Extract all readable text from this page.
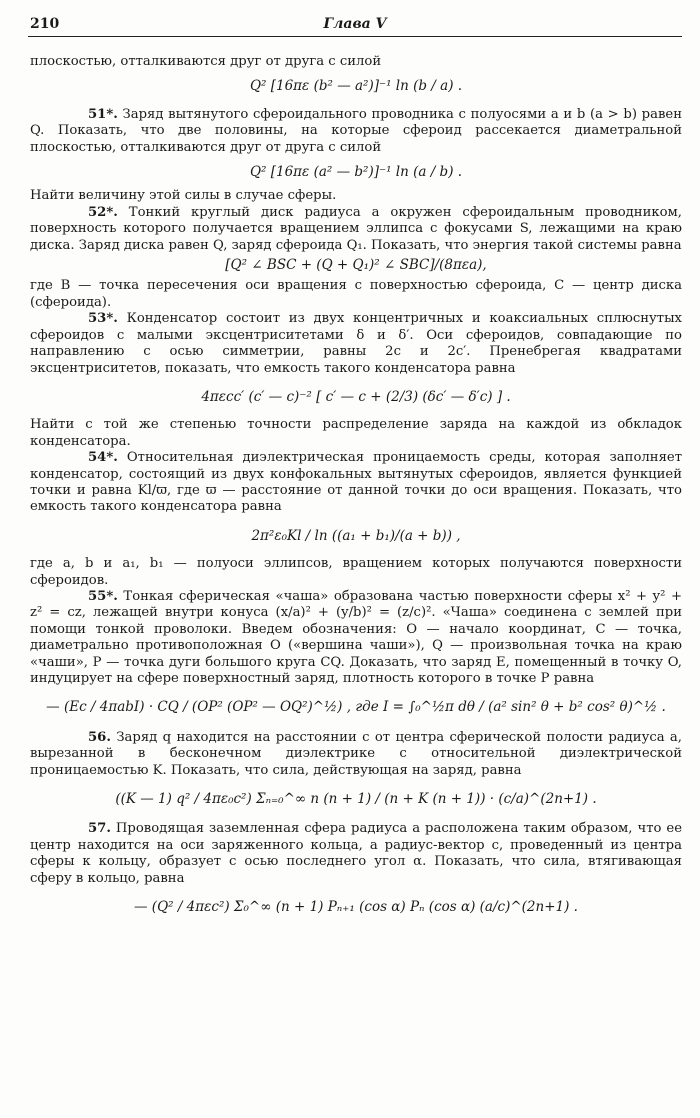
210	Глава V

плоскостью, отталкиваются друг от друга с силой

Q² [16πε (b² — a²)]⁻¹ ln (b / a) .

51*. Заряд вытянутого сфероидального проводника с полуосями a и b (a > b) равен Q. Показать, что две половины, на которые сфероид рассекается диаметральной плоскостью, отталкиваются друг от друга с силой

Q² [16πε (a² — b²)]⁻¹ ln (a / b) .

Найти величину этой силы в случае сферы.

52*. Тонкий круглый диск радиуса a окружен сфероидальным проводником, поверхность которого получается вращением эллипса с фокусами S, лежащими на краю диска. Заряд диска равен Q, заряд сфероида Q₁. Показать, что энергия такой системы равна

[Q² ∠ BSC + (Q + Q₁)² ∠ SBC]/(8πεa),

где B — точка пересечения оси вращения с поверхностью сфероида, C — центр диска (сфероида).

53*. Конденсатор состоит из двух концентричных и коаксиальных сплюснутых сфероидов с малыми эксцентриситетами δ и δ′. Оси сфероидов, совпадающие по направлению с осью симметрии, равны 2c и 2c′. Пренебрегая квадратами эксцентриситетов, показать, что емкость такого конденсатора равна

4πεcc′ (c′ — c)⁻² [ c′ — c + (2/3) (δc′ — δ′c) ] .

Найти с той же степенью точности распределение заряда на каждой из обкладок конденсатора.

54*. Относительная диэлектрическая проницаемость среды, которая заполняет конденсатор, состоящий из двух конфокальных вытянутых сфероидов, является функцией точки и равна Kl/ϖ, где ϖ — расстояние от данной точки до оси вращения. Показать, что емкость такого конденсатора равна

2π²ε₀Kl / ln ((a₁ + b₁)/(a + b)) ,

где a, b и a₁, b₁ — полуоси эллипсов, вращением которых получаются поверхности сфероидов.

55*. Тонкая сферическая «чаша» образована частью поверхности сферы x² + y² + z² = cz, лежащей внутри конуса (x/a)² + (y/b)² = (z/c)². «Чаша» соединена с землей при помощи тонкой проволоки. Введем обозначения: O — начало координат, C — точка, диаметрально противоположная O («вершина чаши»), Q — произвольная точка на краю «чаши», P — точка дуги большого круга CQ. Доказать, что заряд E, помещенный в точку O, индуцирует на сфере поверхностный заряд, плотность которого в точке P равна

— (Ec / 4πabI) · CQ / (OP² (OP² — OQ²)^½) , где I = ∫₀^½π dθ / (a² sin² θ + b² cos² θ)^½ .

56. Заряд q находится на расстоянии c от центра сферической полости радиуса a, вырезанной в бесконечном диэлектрике с относительной диэлектрической проницаемостью K. Показать, что сила, действующая на заряд, равна

((K — 1) q² / 4πε₀c²) Σₙ₌₀^∞ n (n + 1) / (n + K (n + 1)) · (c/a)^(2n+1) .

57. Проводящая заземленная сфера радиуса a расположена таким образом, что ее центр находится на оси заряженного кольца, а радиус-вектор c, проведенный из центра сферы к кольцу, образует с осью последнего угол α. Показать, что сила, втягивающая сферу в кольцо, равна

— (Q² / 4πεc²) Σ₀^∞ (n + 1) Pₙ₊₁ (cos α) Pₙ (cos α) (a/c)^(2n+1) .
